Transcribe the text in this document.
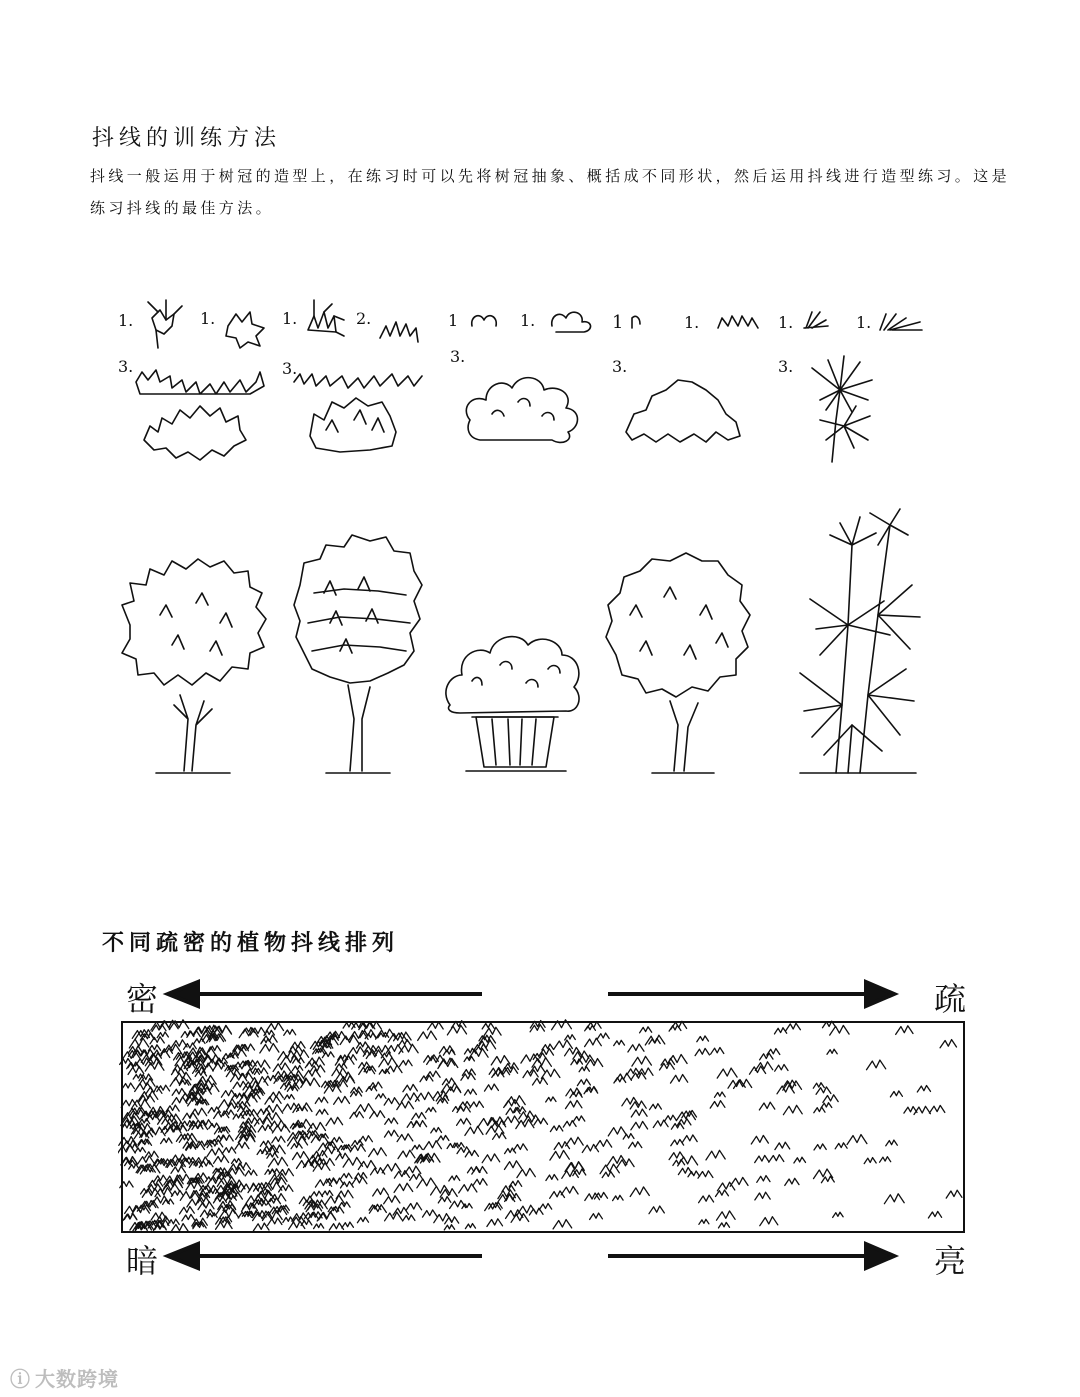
抖线的训练方法

抖线一般运用于树冠的造型上，在练习时可以先将树冠抽象、概括成不同形状，然后运用抖线进行造型练习。这是练习抖线的最佳方法。

1.	1.
3.
1.	2.
3.
1	1.
3.
1	1.
3.
1.	1.
3.
不同疏密的植物抖线排列
密	疏
暗	亮
ⓘ 大数跨境
